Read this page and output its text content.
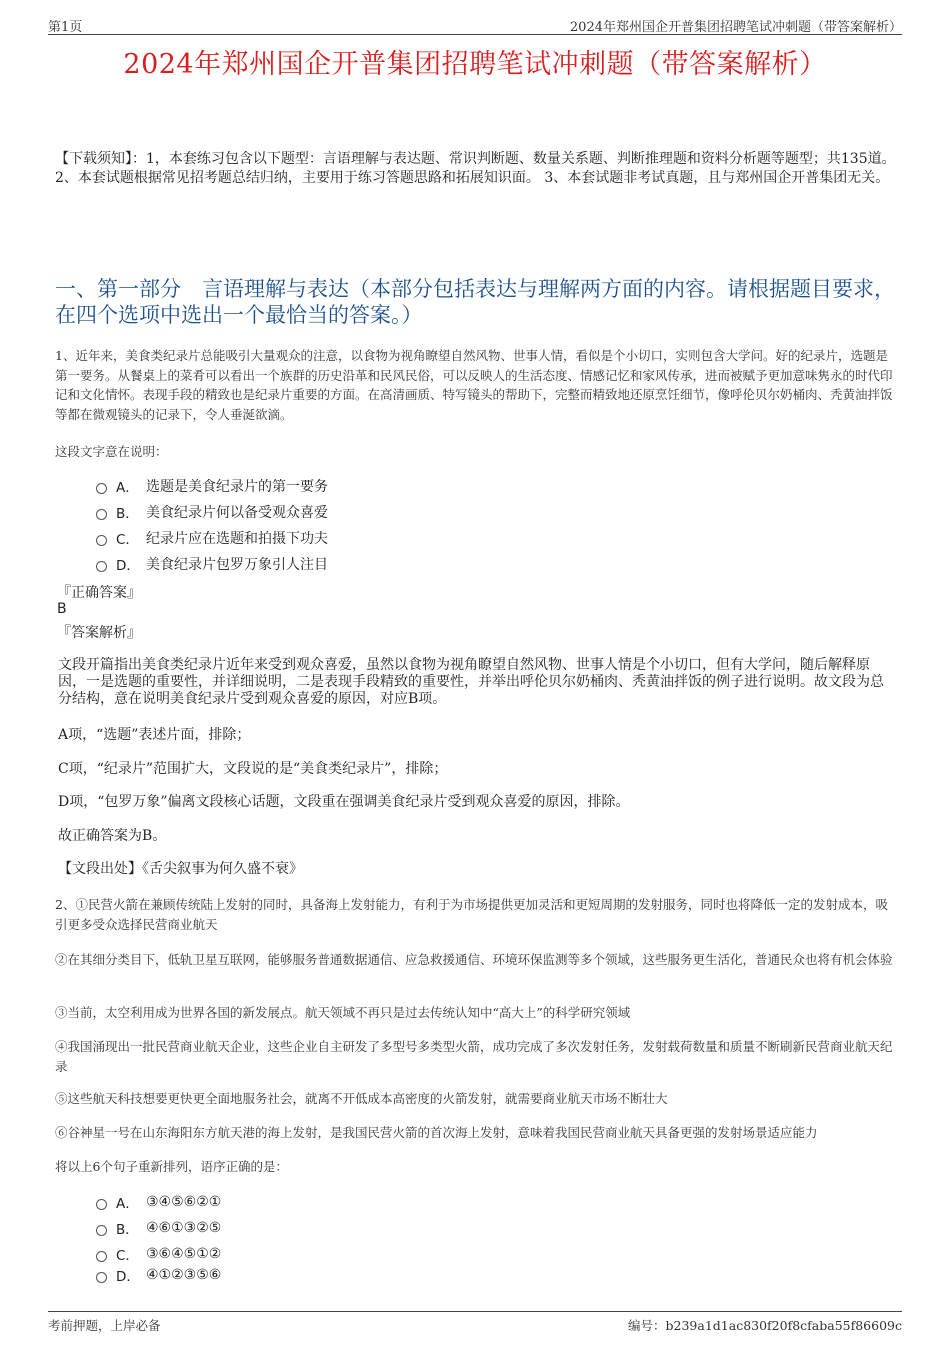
第1页	2024年郑州国企开普集团招聘笔试冲刺题（带答案解析）
2024年郑州国企开普集团招聘笔试冲刺题（带答案解析）
【下载须知】：1，本套练习包含以下题型：言语理解与表达题、常识判断题、数量关系题、判断推理题和资料分析题等题型；共135道。 2、本套试题根据常见招考题总结归纳，主要用于练习答题思路和拓展知识面。 3、本套试题非考试真题，且与郑州国企开普集团无关。
一、第一部分　言语理解与表达（本部分包括表达与理解两方面的内容。请根据题目要求，在四个选项中选出一个最恰当的答案。）
1、近年来，美食类纪录片总能吸引大量观众的注意，以食物为视角瞭望自然风物、世事人情，看似是个小切口，实则包含大学问。好的纪录片，选题是第一要务。从餐桌上的菜肴可以看出一个族群的历史沿革和民风民俗，可以反映人的生活态度、情感记忆和家风传承，进而被赋予更加意味隽永的时代印记和文化情怀。表现手段的精致也是纪录片重要的方面。在高清画质、特写镜头的帮助下，完整而精致地还原烹饪细节，像呼伦贝尔奶桶肉、秃黄油拌饭等都在微观镜头的记录下，令人垂涎欲滴。
这段文字意在说明：
A． 选题是美食纪录片的第一要务
B． 美食纪录片何以备受观众喜爱
C． 纪录片应在选题和拍摄下功夫
D． 美食纪录片包罗万象引人注目
『正确答案』
B
『答案解析』
文段开篇指出美食类纪录片近年来受到观众喜爱，虽然以食物为视角瞭望自然风物、世事人情是个小切口，但有大学问，随后解释原因，一是选题的重要性，并详细说明，二是表现手段精致的重要性，并举出呼伦贝尔奶桶肉、秃黄油拌饭的例子进行说明。故文段为总分结构，意在说明美食纪录片受到观众喜爱的原因，对应B项。
A项，“选题”表述片面，排除；
C项，“纪录片”范围扩大，文段说的是“美食类纪录片”，排除；
D项，“包罗万象”偏离文段核心话题，文段重在强调美食纪录片受到观众喜爱的原因，排除。
故正确答案为B。
【文段出处】《舌尖叙事为何久盛不衰》
2、①民营火箭在兼顾传统陆上发射的同时，具备海上发射能力，有利于为市场提供更加灵活和更短周期的发射服务，同时也将降低一定的发射成本，吸引更多受众选择民营商业航天
②在其细分类目下，低轨卫星互联网，能够服务普通数据通信、应急救援通信、环境环保监测等多个领域，这些服务更生活化，普通民众也将有机会体验
③当前，太空利用成为世界各国的新发展点。航天领域不再只是过去传统认知中“高大上”的科学研究领域
④我国涌现出一批民营商业航天企业，这些企业自主研发了多型号多类型火箭，成功完成了多次发射任务，发射载荷数量和质量不断刷新民营商业航天纪录
⑤这些航天科技想要更快更全面地服务社会，就离不开低成本高密度的火箭发射，就需要商业航天市场不断壮大
⑥谷神星一号在山东海阳东方航天港的海上发射，是我国民营火箭的首次海上发射，意味着我国民营商业航天具备更强的发射场景适应能力
将以上6个句子重新排列，语序正确的是：
A． ③④⑤⑥②①
B． ④⑥①③②⑤
C． ③⑥④⑤①②
D． ④①②③⑤⑥
考前押题，上岸必备	编号：b239a1d1ac830f20f8cfaba55f86609c
